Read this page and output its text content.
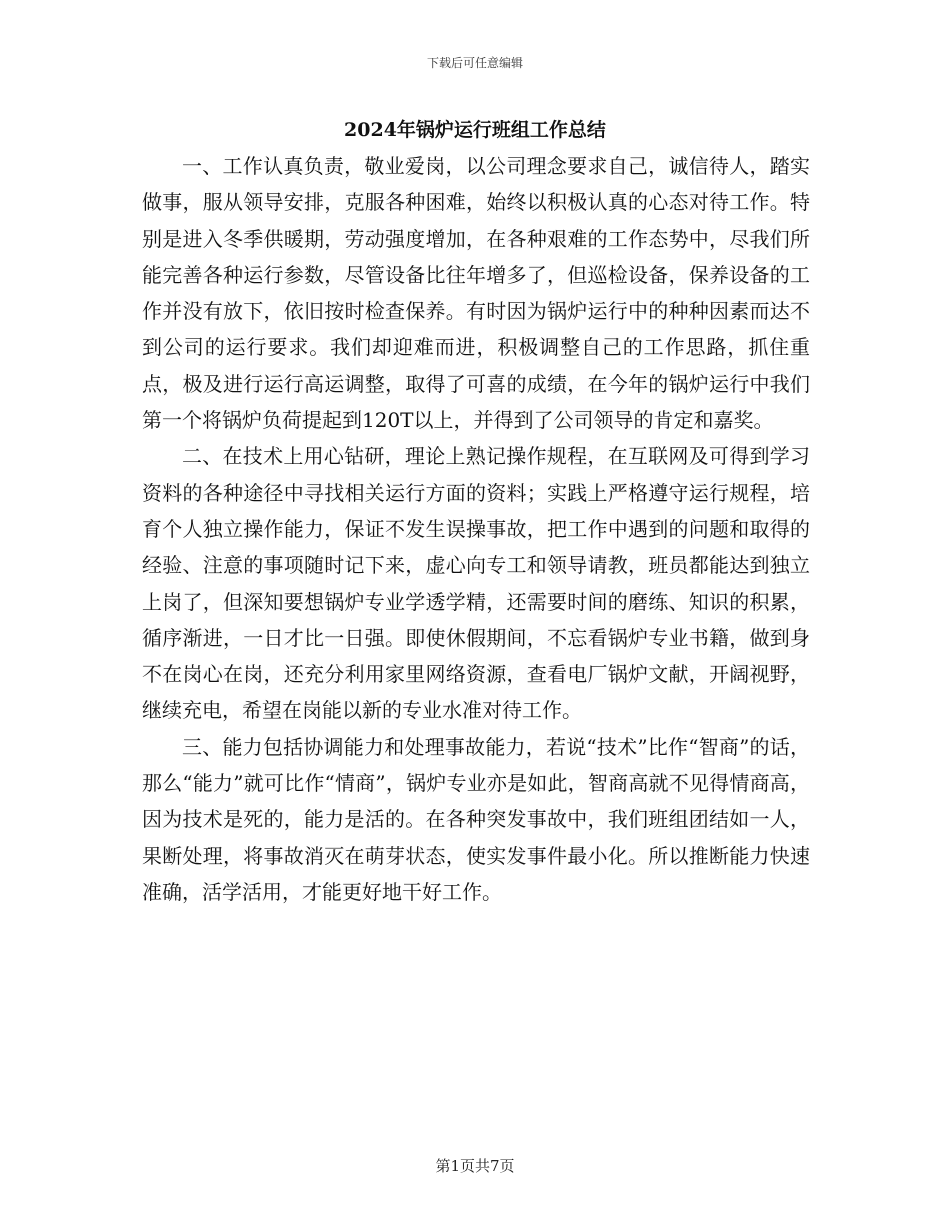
下载后可任意编辑
2024年锅炉运行班组工作总结

一、工作认真负责，敬业爱岗，以公司理念要求自己，诚信待人，踏实做事，服从领导安排，克服各种困难，始终以积极认真的心态对待工作。特别是进入冬季供暖期，劳动强度增加，在各种艰难的工作态势中，尽我们所能完善各种运行参数，尽管设备比往年增多了，但巡检设备，保养设备的工作并没有放下，依旧按时检查保养。有时因为锅炉运行中的种种因素而达不到公司的运行要求。我们却迎难而进，积极调整自己的工作思路，抓住重点，极及进行运行高运调整，取得了可喜的成绩，在今年的锅炉运行中我们第一个将锅炉负荷提起到120T以上，并得到了公司领导的肯定和嘉奖。

二、在技术上用心钻研，理论上熟记操作规程，在互联网及可得到学习资料的各种途径中寻找相关运行方面的资料；实践上严格遵守运行规程，培育个人独立操作能力，保证不发生误操事故，把工作中遇到的问题和取得的经验、注意的事项随时记下来，虚心向专工和领导请教，班员都能达到独立上岗了，但深知要想锅炉专业学透学精，还需要时间的磨练、知识的积累，循序渐进，一日才比一日强。即使休假期间，不忘看锅炉专业书籍，做到身不在岗心在岗，还充分利用家里网络资源，查看电厂锅炉文献，开阔视野，继续充电，希望在岗能以新的专业水准对待工作。

三、能力包括协调能力和处理事故能力，若说“技术”比作“智商”的话，那么“能力”就可比作“情商”，锅炉专业亦是如此，智商高就不见得情商高，因为技术是死的，能力是活的。在各种突发事故中，我们班组团结如一人，果断处理，将事故消灭在萌芽状态，使实发事件最小化。所以推断能力快速准确，活学活用，才能更好地干好工作。

第1页共7页
